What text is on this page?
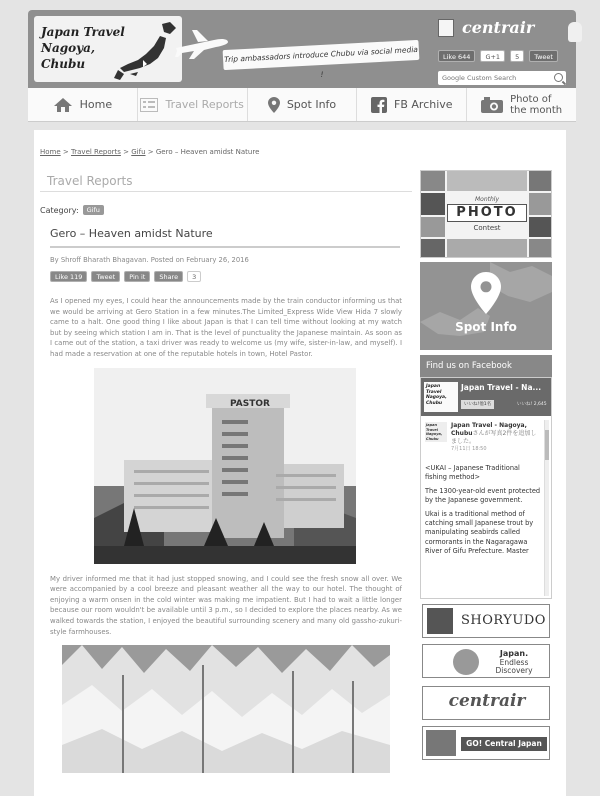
Japan Travel
Nagoya,
Chubu	Trip ambassadors introduce Chubu via social media !
centrair
Like 644	G+1	5	Tweet
Google Custom Search
Home	Travel Reports	Spot Info	FB Archive	Photo of
the month
Home > Travel Reports > Gifu > Gero – Heaven amidst Nature
Travel Reports
Category:	Gifu
Gero – Heaven amidst Nature
By Shroff Bharath Bhagavan. Posted on February 26, 2016
Like 119	Tweet	Pin it	Share	3

As I opened my eyes, I could hear the announcements made by the train conductor informing us that we would be arriving at Gero Station in a few minutes.The Limited_Express Wide View Hida 7 slowly came to a halt. One good thing I like about Japan is that I can tell time without looking at my watch but by seeing which station I am in. That is the level of punctuality the Japanese maintain. As soon as I came out of the station, a taxi driver was ready to welcome us (my wife, sister-in-law, and myself). I had made a reservation at one of the reputable hotels in town, Hotel Pastor.

PASTOR

My driver informed me that it had just stopped snowing, and I could see the fresh snow all over. We were accompanied by a cool breeze and pleasant weather all the way to our hotel. The thought of enjoying a warm onsen in the cold winter was making me impatient. But I had to wait a little longer because our room wouldn't be available until 3 p.m., so I decided to explore the places nearby. As we walked towards the station, I enjoyed the beautiful surrounding scenery and many old gassho-zukuri-style farmhouses.

Monthly
PHOTO
Contest
Spot Info
Find us on Facebook
Japan Travel Nagoya, Chubu
Japan Travel - Na...
いいね!他1名	いいね! 2,645
Japan Travel Nagoya, Chubu
Japan Travel - Nagoya, Chubuさんが写真2件を追加しました。
7月11日 18:50

<UKAI – Japanese Traditional fishing method>

The 1300-year-old event protected by the Japanese government.

Ukai is a traditional method of catching small Japanese trout by manipulating seabirds called cormorants in the Nagaragawa River of Gifu Prefecture. Master

SHORYUDO
Japan.
Endless
Discovery
centrair
GO! Central Japan
